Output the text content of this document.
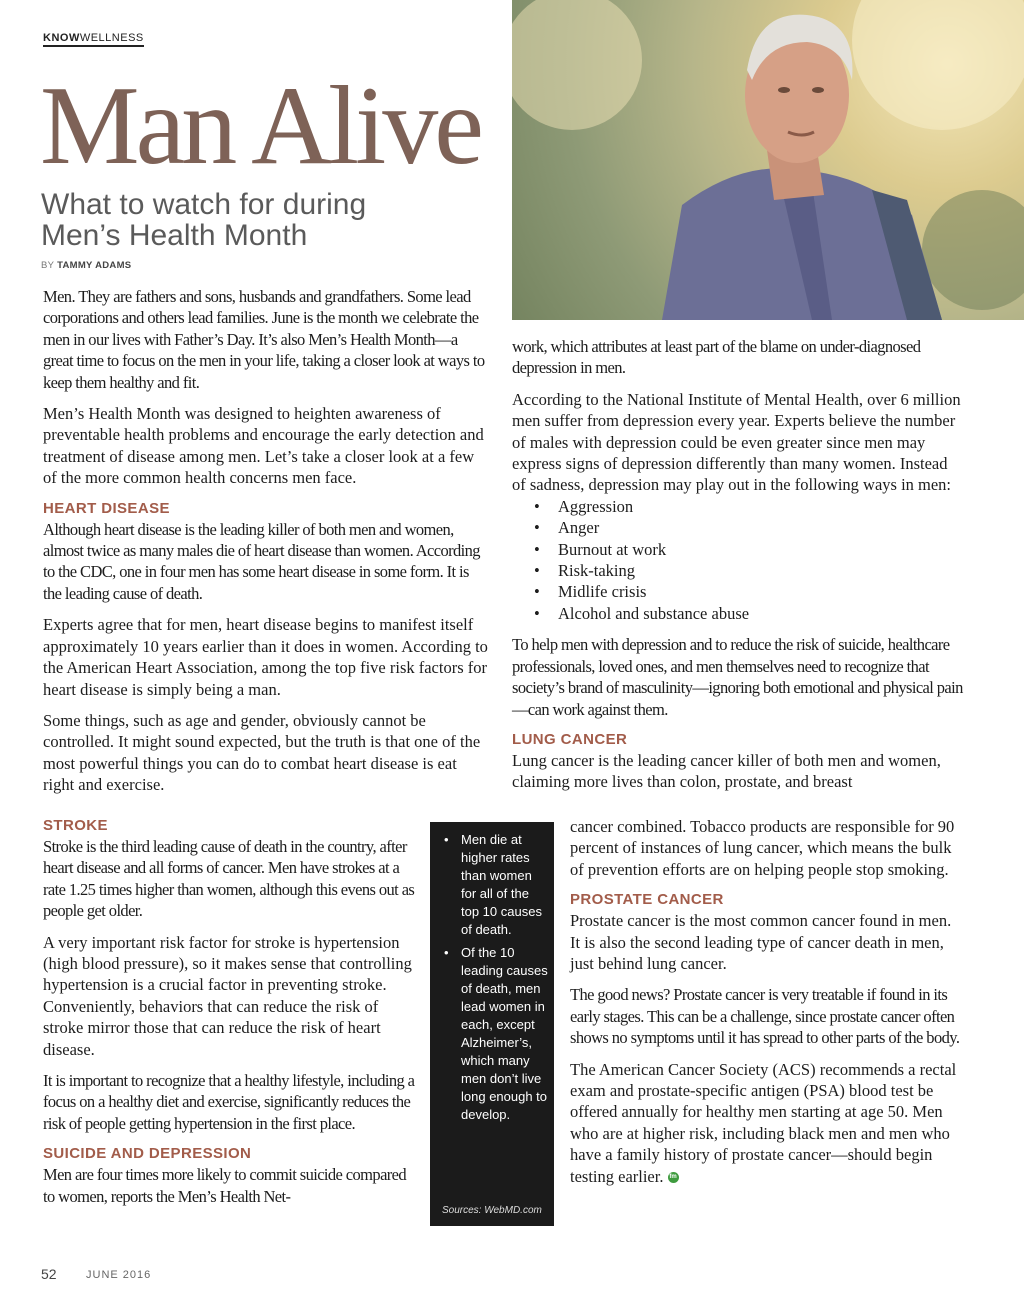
KNOWWELLNESS
Man Alive
What to watch for during
Men’s Health Month
BY TAMMY ADAMS

Men. They are fathers and sons, husbands and grandfathers. Some lead corporations and others lead families. June is the month we celebrate the men in our lives with Father’s Day. It’s also Men’s Health Month—a great time to focus on the men in your life, taking a closer look at ways to keep them healthy and fit.

Men’s Health Month was designed to heighten awareness of preventable health problems and encourage the early detection and treatment of disease among men. Let’s take a closer look at a few of the more common health concerns men face.

HEART DISEASE

Although heart disease is the leading killer of both men and women, almost twice as many males die of heart disease than women. According to the CDC, one in four men has some heart disease in some form. It is the leading cause of death.

Experts agree that for men, heart disease begins to manifest itself approximately 10 years earlier than it does in women. According to the American Heart Association, among the top five risk factors for heart disease is simply being a man.

Some things, such as age and gender, obviously cannot be controlled. It might sound expected, but the truth is that one of the most powerful things you can do to combat heart disease is eat right and exercise.

STROKE

Stroke is the third leading cause of death in the country, after heart disease and all forms of cancer. Men have strokes at a rate 1.25 times higher than women, although this evens out as people get older.

A very important risk factor for stroke is hypertension (high blood pressure), so it makes sense that controlling hypertension is a crucial factor in preventing stroke. Conveniently, behaviors that can reduce the risk of stroke mirror those that can reduce the risk of heart disease.

It is important to recognize that a healthy lifestyle, including a focus on a healthy diet and exercise, significantly reduces the risk of people getting hypertension in the first place.

SUICIDE AND DEPRESSION

Men are four times more likely to commit suicide compared to women, reports the Men’s Health Net-

• Men die at higher rates than women for all of the top 10 causes of death.
• Of the 10 leading causes of death, men lead women in each, except Alzheimer’s, which many men don’t live long enough to develop.
Sources: WebMD.com

work, which attributes at least part of the blame on under-diagnosed depression in men.

According to the National Institute of Mental Health, over 6 million men suffer from depression every year. Experts believe the number of males with depression could be even greater since men may express signs of depression differently than many women. Instead of sadness, depression may play out in the following ways in men:

• Aggression
• Anger
• Burnout at work
• Risk-taking
• Midlife crisis
• Alcohol and substance abuse

To help men with depression and to reduce the risk of suicide, healthcare professionals, loved ones, and men themselves need to recognize that society’s brand of masculinity—ignoring both emotional and physical pain—can work against them.

LUNG CANCER

Lung cancer is the leading cancer killer of both men and women, claiming more lives than colon, prostate, and breast

cancer combined. Tobacco products are responsible for 90 percent of instances of lung cancer, which means the bulk of prevention efforts are on helping people stop smoking.

PROSTATE CANCER

Prostate cancer is the most common cancer found in men. It is also the second leading type of cancer death in men, just behind lung cancer.

The good news? Prostate cancer is very treatable if found in its early stages. This can be a challenge, since prostate cancer often shows no symptoms until it has spread to other parts of the body.

The American Cancer Society (ACS) recommends a rectal exam and prostate-specific antigen (PSA) blood test be offered annually for healthy men starting at age 50. Men who are at higher risk, including black men and men who have a family history of prostate cancer—should begin testing earlier. fm

52	JUNE 2016
